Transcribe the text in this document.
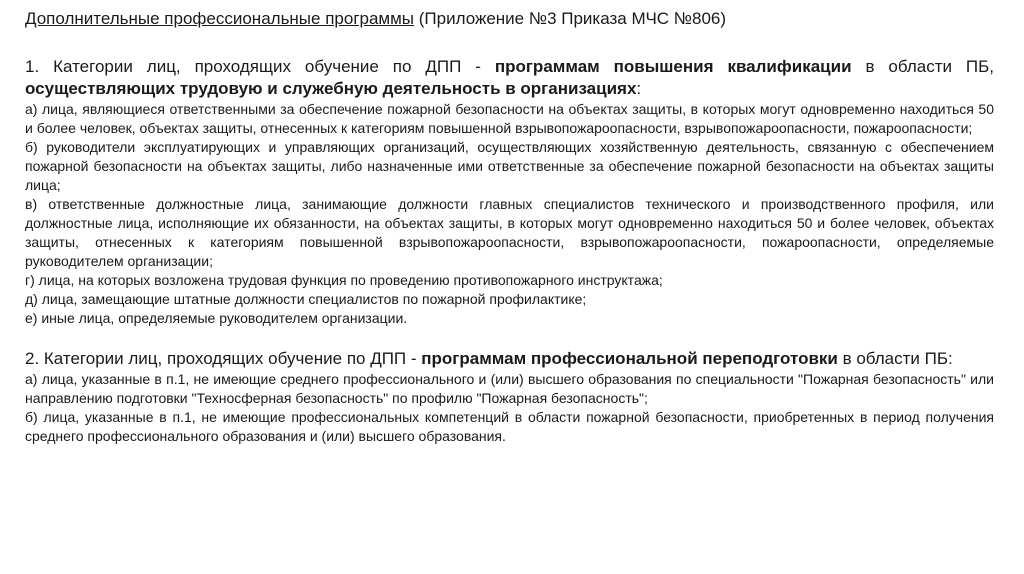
Дополнительные профессиональные программы (Приложение №3 Приказа МЧС №806)

1. Категории лиц, проходящих обучение по ДПП - программам повышения квалификации в области ПБ, осуществляющих трудовую и служебную деятельность в организациях:

а) лица, являющиеся ответственными за обеспечение пожарной безопасности на объектах защиты, в которых могут одновременно находиться 50 и более человек, объектах защиты, отнесенных к категориям повышенной взрывопожароопасности, взрывопожароопасности, пожароопасности;

б) руководители эксплуатирующих и управляющих организаций, осуществляющих хозяйственную деятельность, связанную с обеспечением пожарной безопасности на объектах защиты, либо назначенные ими ответственные за обеспечение пожарной безопасности на объектах защиты лица;

в) ответственные должностные лица, занимающие должности главных специалистов технического и производственного профиля, или должностные лица, исполняющие их обязанности, на объектах защиты, в которых могут одновременно находиться 50 и более человек, объектах защиты, отнесенных к категориям повышенной взрывопожароопасности, взрывопожароопасности, пожароопасности, определяемые руководителем организации;

г) лица, на которых возложена трудовая функция по проведению противопожарного инструктажа;

д) лица, замещающие штатные должности специалистов по пожарной профилактике;

е) иные лица, определяемые руководителем организации.

2. Категории лиц, проходящих обучение по ДПП - программам профессиональной переподготовки в области ПБ:

а) лица, указанные в п.1, не имеющие среднего профессионального и (или) высшего образования по специальности "Пожарная безопасность" или направлению подготовки "Техносферная безопасность" по профилю "Пожарная безопасность";

б) лица, указанные в п.1, не имеющие профессиональных компетенций в области пожарной безопасности, приобретенных в период получения среднего профессионального образования и (или) высшего образования.
